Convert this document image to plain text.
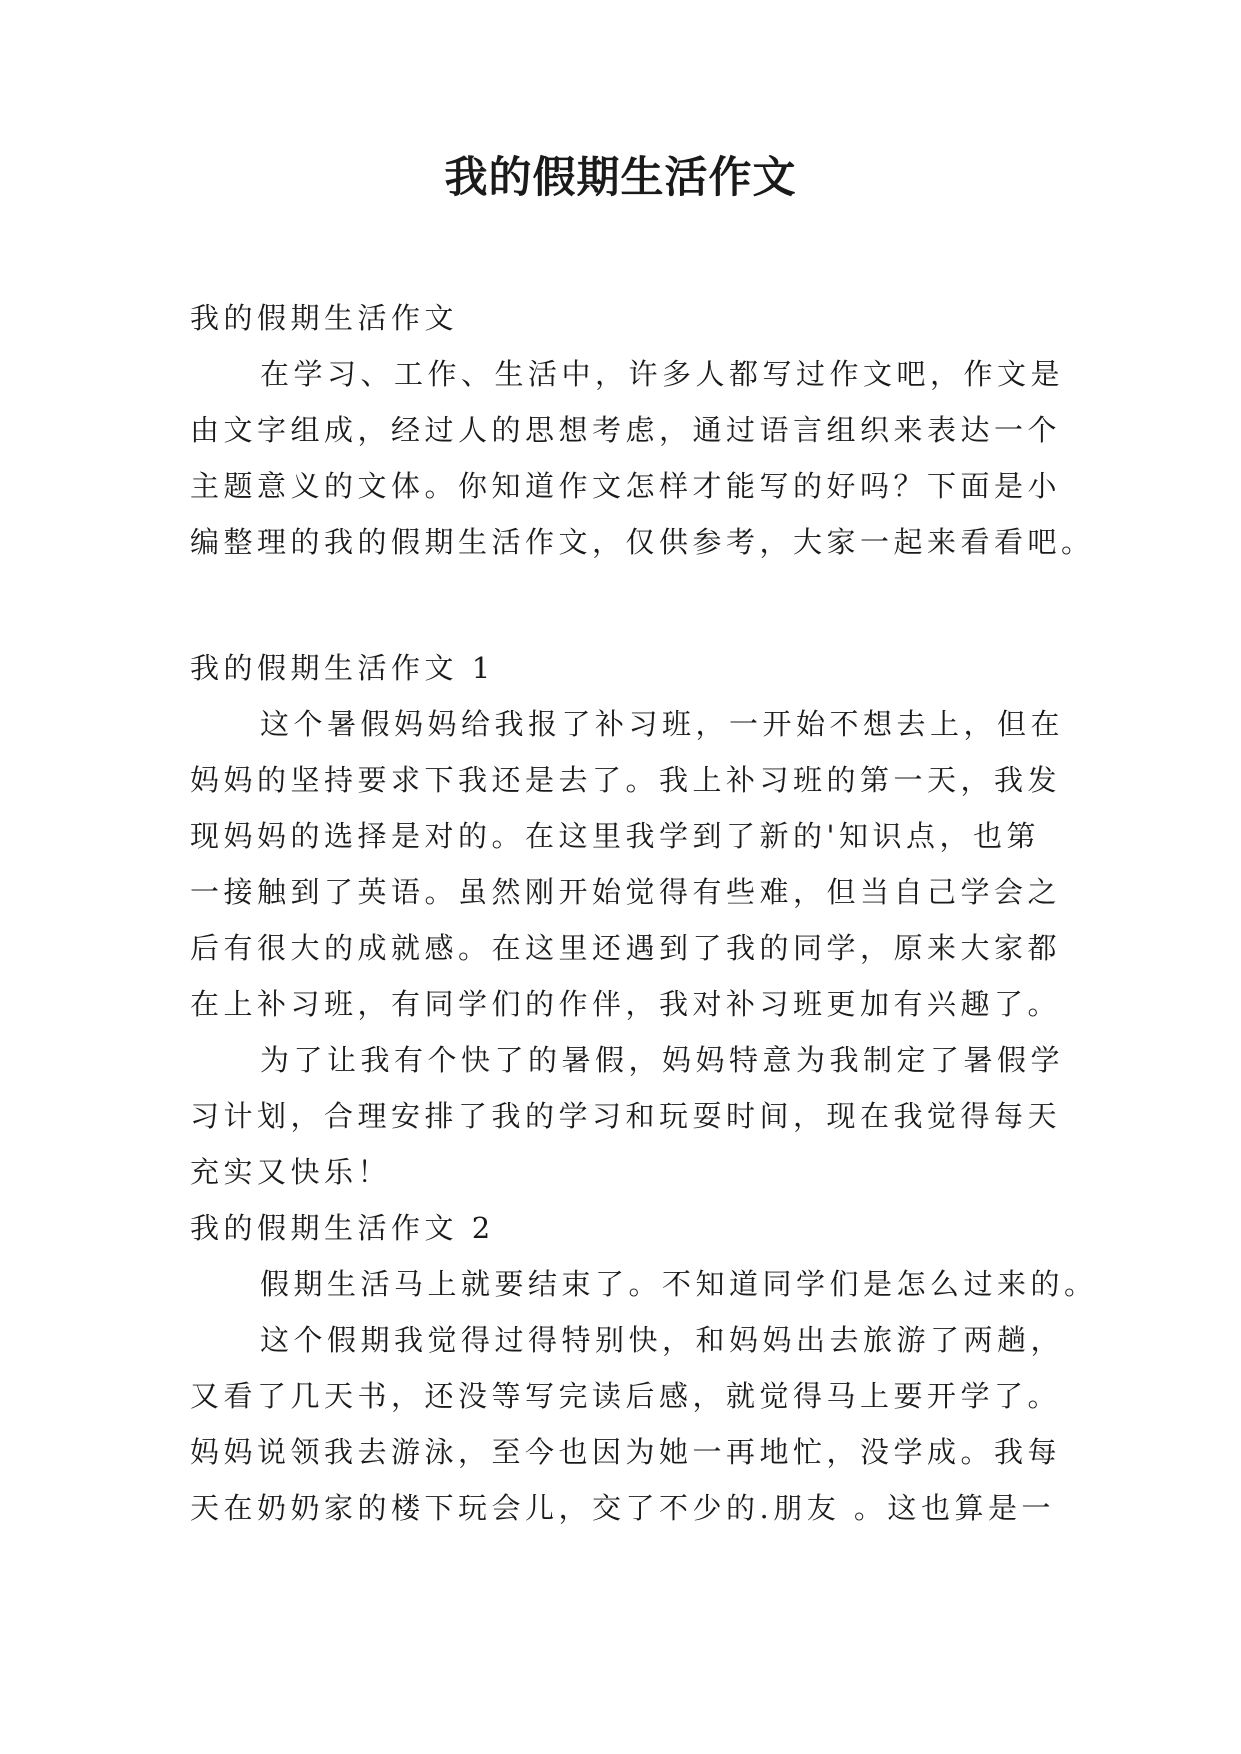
我的假期生活作文
我的假期生活作文
在学习、工作、生活中，许多人都写过作文吧，作文是
由文字组成，经过人的思想考虑，通过语言组织来表达一个
主题意义的文体。你知道作文怎样才能写的好吗？下面是小
编整理的我的假期生活作文，仅供参考，大家一起来看看吧。
我的假期生活作文 1
这个暑假妈妈给我报了补习班，一开始不想去上，但在
妈妈的坚持要求下我还是去了。我上补习班的第一天，我发
现妈妈的选择是对的。在这里我学到了新的'知识点，也第
一接触到了英语。虽然刚开始觉得有些难，但当自己学会之
后有很大的成就感。在这里还遇到了我的同学，原来大家都
在上补习班，有同学们的作伴，我对补习班更加有兴趣了。
为了让我有个快了的暑假，妈妈特意为我制定了暑假学
习计划，合理安排了我的学习和玩耍时间，现在我觉得每天
充实又快乐！
我的假期生活作文 2
假期生活马上就要结束了。不知道同学们是怎么过来的。
这个假期我觉得过得特别快，和妈妈出去旅游了两趟，
又看了几天书，还没等写完读后感，就觉得马上要开学了。
妈妈说领我去游泳，至今也因为她一再地忙，没学成。我每
天在奶奶家的楼下玩会儿，交了不少的.朋友 。这也算是一
